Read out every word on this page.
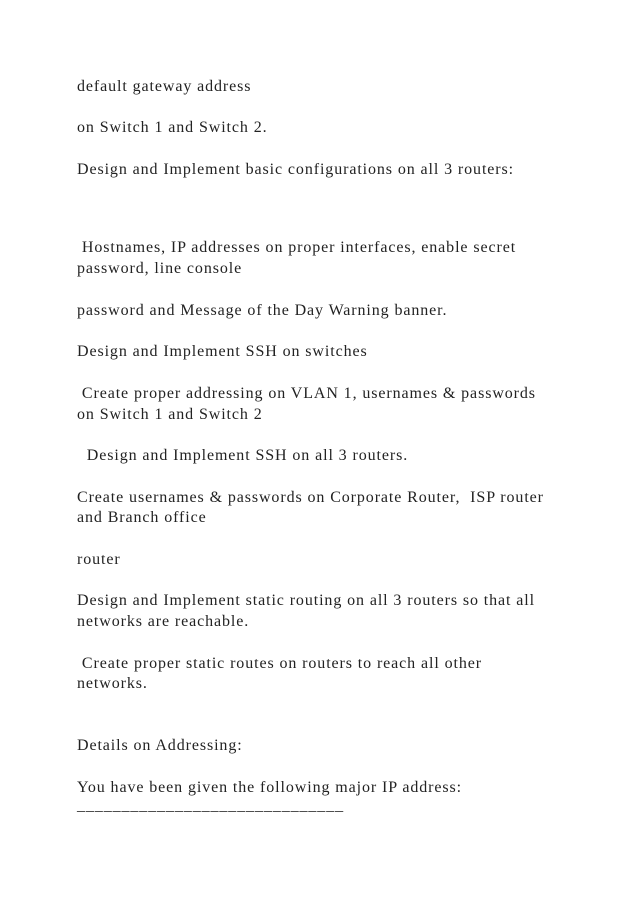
default gateway address

on Switch 1 and Switch 2.

Design and Implement basic configurations on all 3 routers:

Hostnames, IP addresses on proper interfaces, enable secret

password, line console

password and Message of the Day Warning banner.

Design and Implement SSH on switches

Create proper addressing on VLAN 1, usernames & passwords

on Switch 1 and Switch 2

Design and Implement SSH on all 3 routers.

Create usernames & passwords on Corporate Router,  ISP router

and Branch office

router

Design and Implement static routing on all 3 routers so that all

networks are reachable.

Create proper static routes on routers to reach all other

networks.

Details on Addressing:

You have been given the following major IP address:

______________________________
